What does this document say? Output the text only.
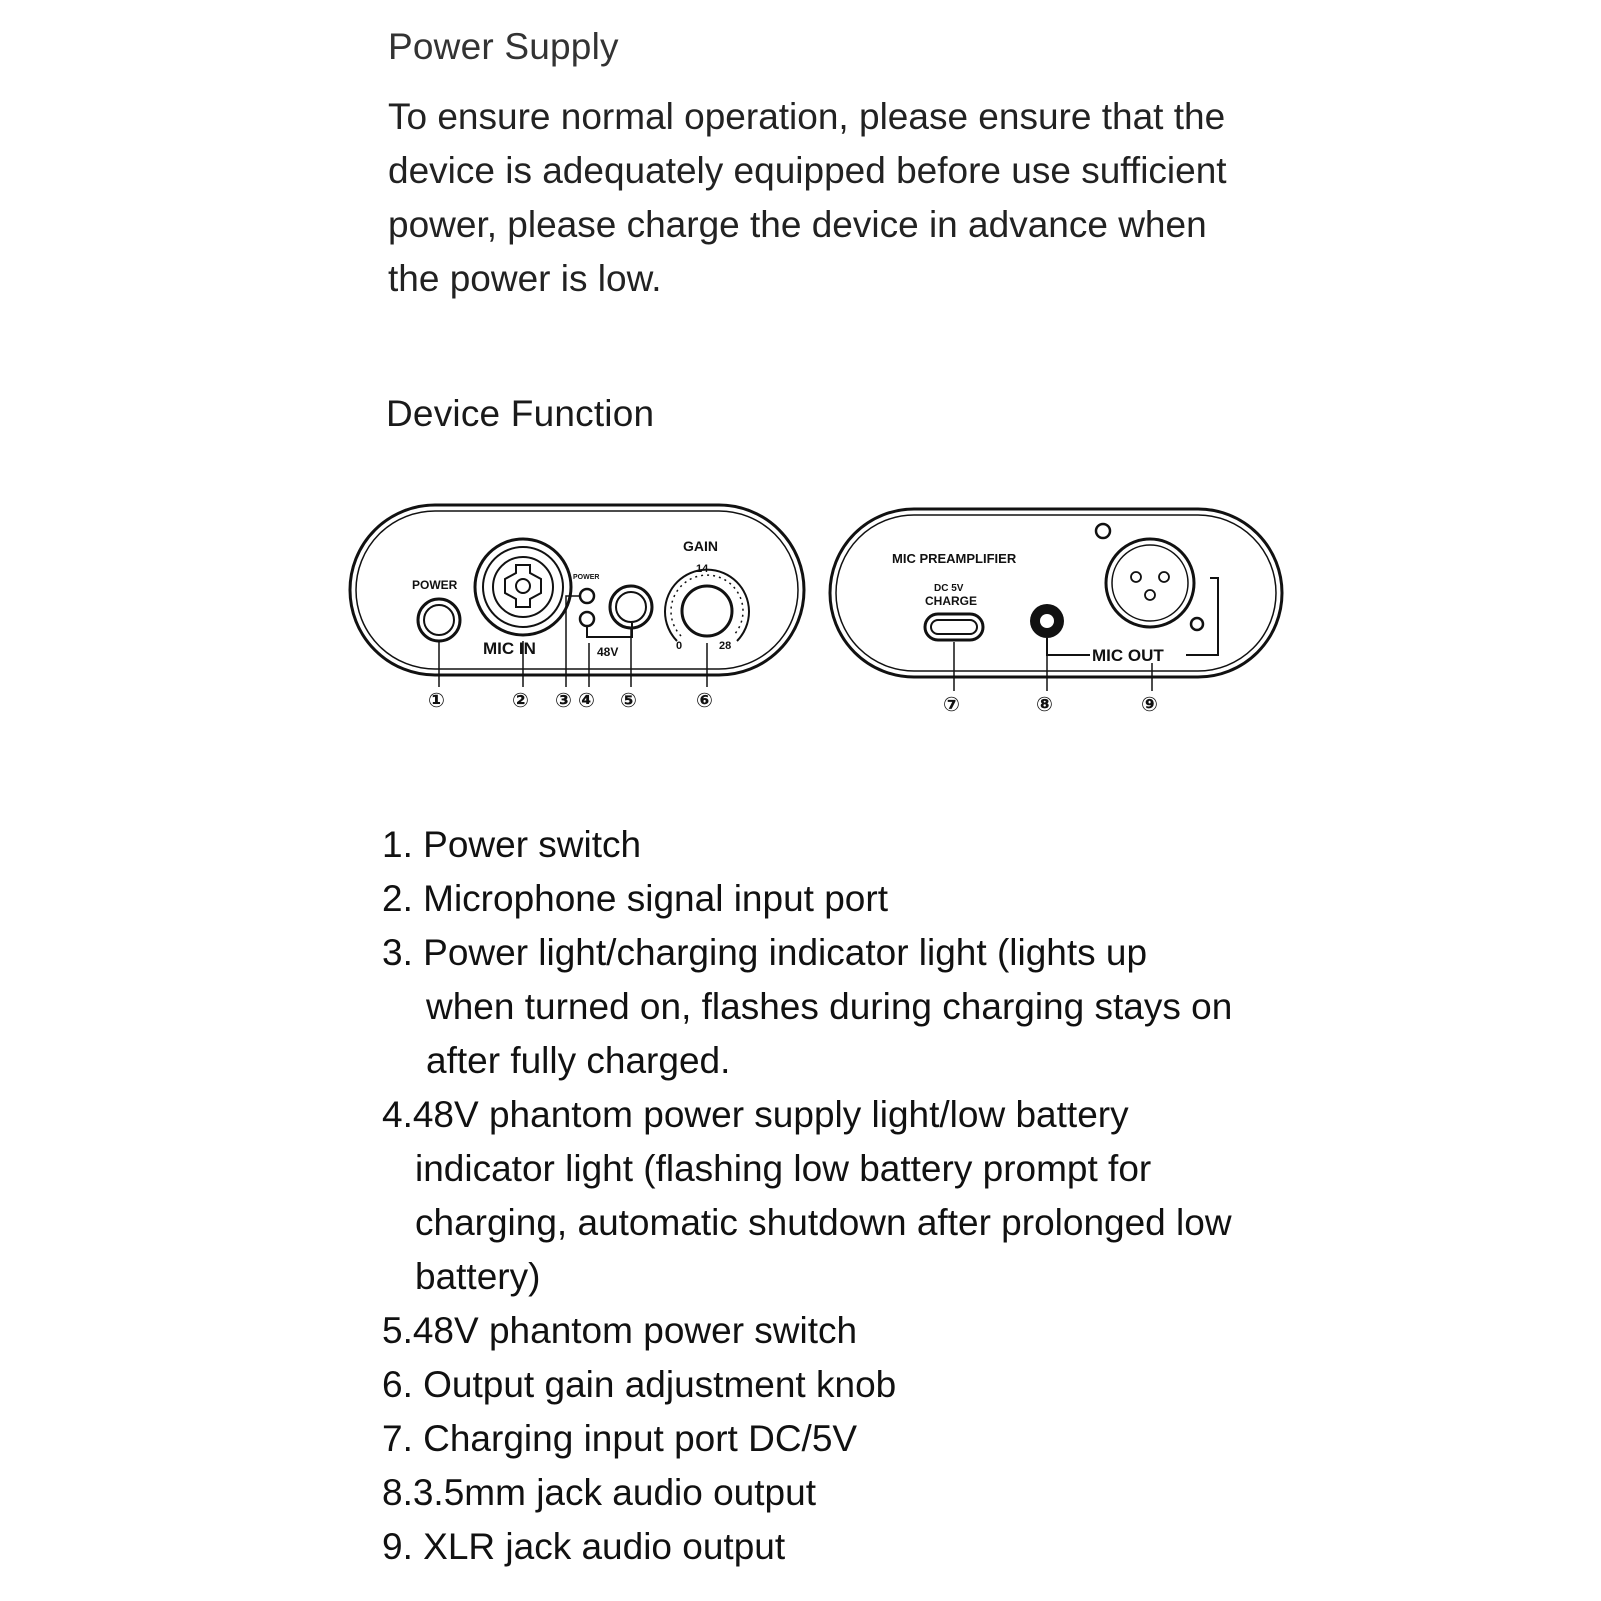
Power Supply

To ensure normal operation, please ensure that the
device is adequately equipped before use sufficient
power, please charge the device in advance when
the power is low.

Device Function
POWER
MIC IN
POWER
48V
GAIN
14
0	28
①	② ③ ④ ⑤	⑥
MIC PREAMPLIFIER
DC 5V
CHARGE
MIC OUT
⑦	⑧	⑨
1. Power switch
2. Microphone signal input port
3. Power light/charging indicator light (lights up
when turned on, flashes during charging stays on
after fully charged.
4.48V phantom power supply light/low battery
indicator light (flashing low battery prompt for
charging, automatic shutdown after prolonged low
battery)
5.48V phantom power switch
6. Output gain adjustment knob
7. Charging input port DC/5V
8.3.5mm jack audio output
9. XLR jack audio output
